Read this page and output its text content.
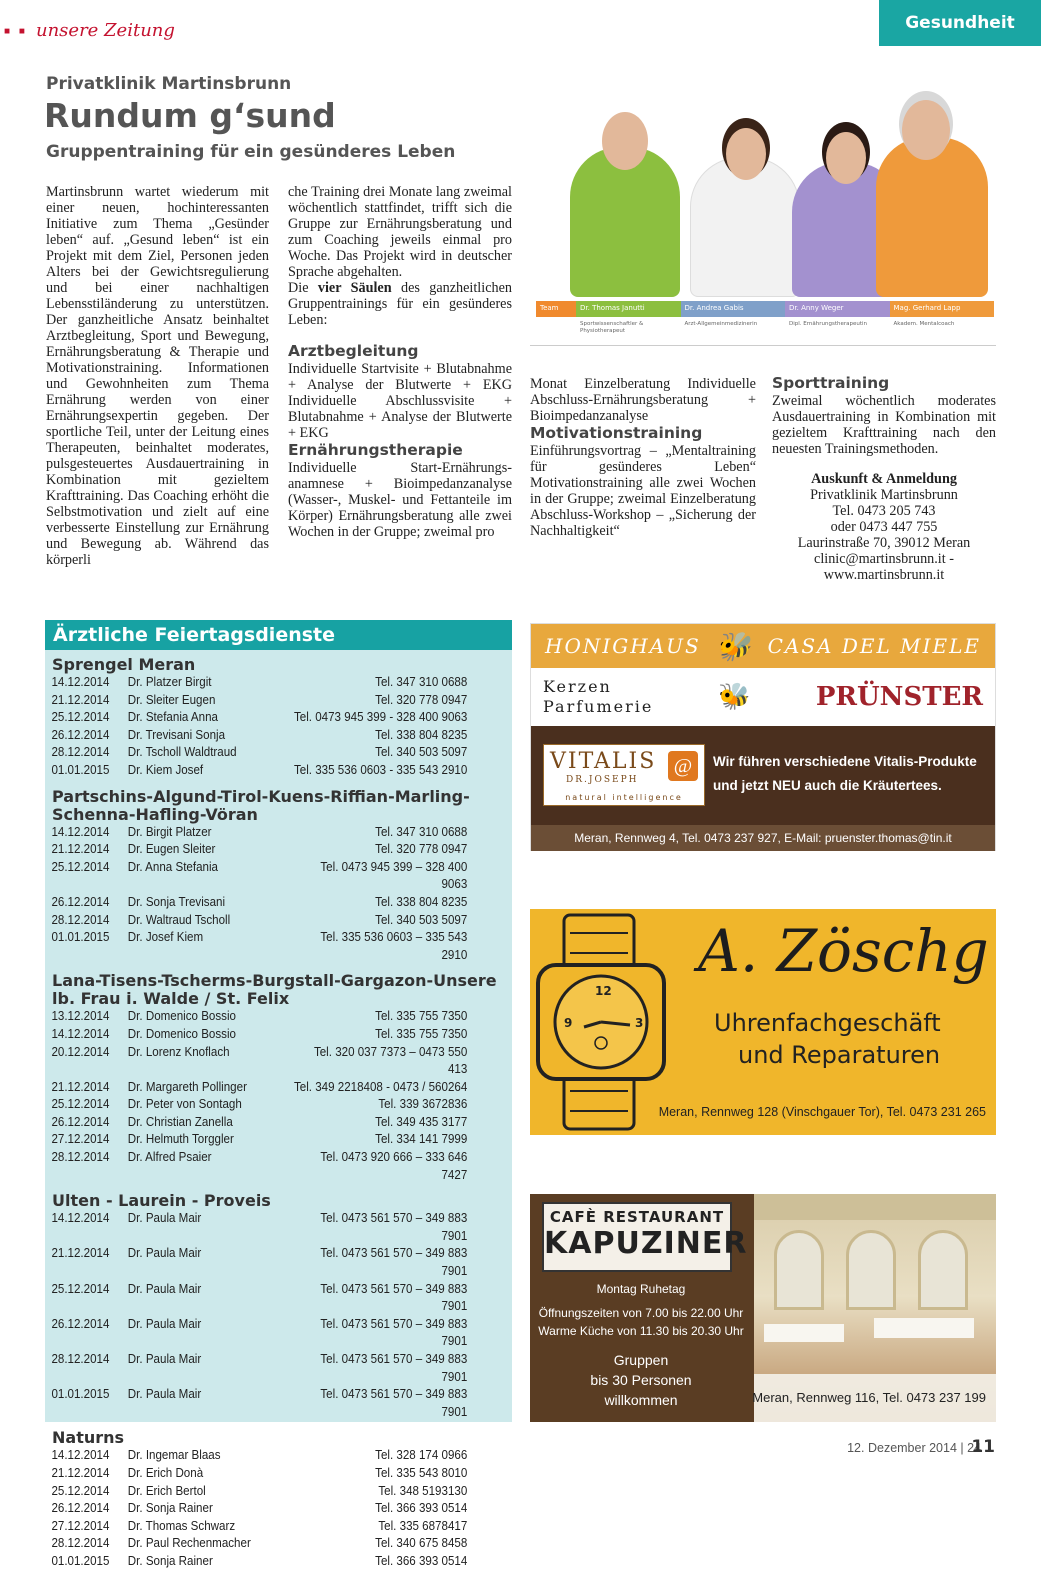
■ ■ unsere Zeitung	Gesundheit
Privatklinik Martinsbrunn
Rundum g‘sund
Gruppentraining für ein gesünderes Leben

Martinsbrunn wartet wiederum mit einer neuen, hochinteressanten Initiative zum Thema „Gesünder leben“ auf. „Gesund leben“ ist ein Projekt mit dem Ziel, Personen jeden Alters bei der Gewichtsregulierung und bei einer nachhaltigen Lebensstiländerung zu unterstützen. Der ganzheitliche Ansatz beinhaltet Arztbegleitung, Sport und Bewegung, Ernährungsberatung & Therapie und Motivationstraining. Informationen und Gewohnheiten zum Thema Ernährung werden von einer Ernährungsexpertin gegeben. Der sportliche Teil, unter der Leitung eines Therapeuten, beinhaltet moderates, pulsgesteuertes Ausdauertraining in Kombination mit gezieltem Krafttraining. Das Coaching erhöht die Selbstmotivation und zielt auf eine verbesserte Einstellung zur Ernährung und Bewegung ab. Während das körperli

che Training drei Monate lang zweimal wöchentlich stattfindet, trifft sich die Gruppe zur Ernährungsberatung und zum Coaching jeweils einmal pro Woche. Das Projekt wird in deutscher Sprache abgehalten.

Die vier Säulen des ganzheitlichen Gruppentrainings für ein gesünderes Leben:

Arztbegleitung

Individuelle Startvisite + Blutabnahme + Analyse der Blutwerte + EKG Individuelle Abschlussvisite + Blutabnahme + Analyse der Blutwerte + EKG

Ernährungstherapie

Individuelle Start-Ernährungsanamnese + Bioimpedanzanalyse (Wasser-, Muskel- und Fettanteile im Körper) Ernährungsberatung alle zwei Wochen in der Gruppe; zweimal pro

Monat Einzelberatung Individuelle Abschluss-Ernährungsberatung + Bioimpedanzanalyse

Motivationstraining

Einführungsvortrag – „Mentaltraining für gesünderes Leben“ Motivationstraining alle zwei Wochen in der Gruppe; zweimal Einzelberatung Abschluss-Workshop – „Sicherung der Nachhaltigkeit“

Sporttraining

Zweimal wöchentlich moderates Ausdauertraining in Kombination mit gezieltem Krafttraining nach den neuesten Trainingsmethoden.

Auskunft & Anmeldung
Privatklinik Martinsbrunn
Tel. 0473 205 743
oder 0473 447 755
Laurinstraße 70, 39012 Meran
clinic@martinsbrunn.it -
www.martinsbrunn.it
Team	Dr. Thomas Janutti	Dr. Andrea Gabis	Dr. Anny Weger	Mag. Gerhard Lapp
Sportwissenschaftler & Physiotherapeut
Arzt-Allgemeinmedizinerin	Dipl. Ernährungstherapeutin	Akadem. Mentalcoach
Ärztliche Feiertagsdienste
Sprengel Meran
14.12.2014	Dr. Platzer Birgit	Tel. 347 310 0688
21.12.2014	Dr. Sleiter Eugen	Tel. 320 778 0947
25.12.2014	Dr. Stefania Anna	Tel. 0473 945 399 - 328 400 9063
26.12.2014	Dr. Trevisani Sonja	Tel. 338 804 8235
28.12.2014	Dr. Tscholl Waldtraud	Tel. 340 503 5097
01.01.2015	Dr. Kiem Josef	Tel. 335 536 0603 - 335 543 2910
Partschins-Algund-Tirol-Kuens-Riffian-Marling-Schenna-Hafling-Vöran
14.12.2014	Dr. Birgit Platzer	Tel. 347 310 0688
21.12.2014	Dr. Eugen Sleiter	Tel. 320 778 0947
25.12.2014	Dr. Anna Stefania	Tel. 0473 945 399 – 328 400 9063
26.12.2014	Dr. Sonja Trevisani	Tel. 338 804 8235
28.12.2014	Dr. Waltraud Tscholl	Tel. 340 503 5097
01.01.2015	Dr. Josef Kiem	Tel. 335 536 0603 – 335 543 2910
Lana-Tisens-Tscherms-Burgstall-Gargazon-Unsere lb. Frau i. Walde / St. Felix
13.12.2014	Dr. Domenico Bossio	Tel. 335 755 7350
14.12.2014	Dr. Domenico Bossio	Tel. 335 755 7350
20.12.2014	Dr. Lorenz Knoflach	Tel. 320 037 7373 – 0473 550 413
21.12.2014	Dr. Margareth Pollinger	Tel. 349 2218408 - 0473 / 560264
25.12.2014	Dr. Peter von Sontagh	Tel. 339 3672836
26.12.2014	Dr. Christian Zanella	Tel. 349 435 3177
27.12.2014	Dr. Helmuth Torggler	Tel. 334 141 7999
28.12.2014	Dr. Alfred Psaier	Tel. 0473 920 666 – 333 646 7427
Ulten - Laurein - Proveis
14.12.2014	Dr. Paula Mair	Tel. 0473 561 570 – 349 883 7901
21.12.2014	Dr. Paula Mair	Tel. 0473 561 570 – 349 883 7901
25.12.2014	Dr. Paula Mair	Tel. 0473 561 570 – 349 883 7901
26.12.2014	Dr. Paula Mair	Tel. 0473 561 570 – 349 883 7901
28.12.2014	Dr. Paula Mair	Tel. 0473 561 570 – 349 883 7901
01.01.2015	Dr. Paula Mair	Tel. 0473 561 570 – 349 883 7901
Naturns
14.12.2014	Dr. Ingemar Blaas	Tel. 328 174 0966
21.12.2014	Dr. Erich Donà	Tel. 335 543 8010
25.12.2014	Dr. Erich Bertol	Tel. 348 5193130
26.12.2014	Dr. Sonja Rainer	Tel. 366 393 0514
27.12.2014	Dr. Thomas Schwarz	Tel. 335 6878417
28.12.2014	Dr. Paul Rechenmacher	Tel. 340 675 8458
01.01.2015	Dr. Sonja Rainer	Tel. 366 393 0514
HONIGHAUS 🐝 CASA DEL MIELE
Kerzen
Parfumerie	🐝	PRÜNSTER
VITALIS
DR.JOSEPH
@
natural intelligence
Wir führen verschiedene Vitalis-Produkte
und jetzt NEU auch die Kräutertees.
Meran, Rennweg 4, Tel. 0473 237 927, E-Mail: pruenster.thomas@tin.it
12
3
9
A. Zöschg
Uhrenfachgeschäft
und Reparaturen
Meran, Rennweg 128 (Vinschgauer Tor), Tel. 0473 231 265
CAFÈ RESTAURANT
KAPUZINER
Montag Ruhetag
Öffnungszeiten von 7.00 bis 22.00 Uhr
Warme Küche von 11.30 bis 20.30 Uhr
Gruppen
bis 30 Personen
willkommen	Meran, Rennweg 116, Tel. 0473 237 199
12. Dezember 2014 | 24
11
